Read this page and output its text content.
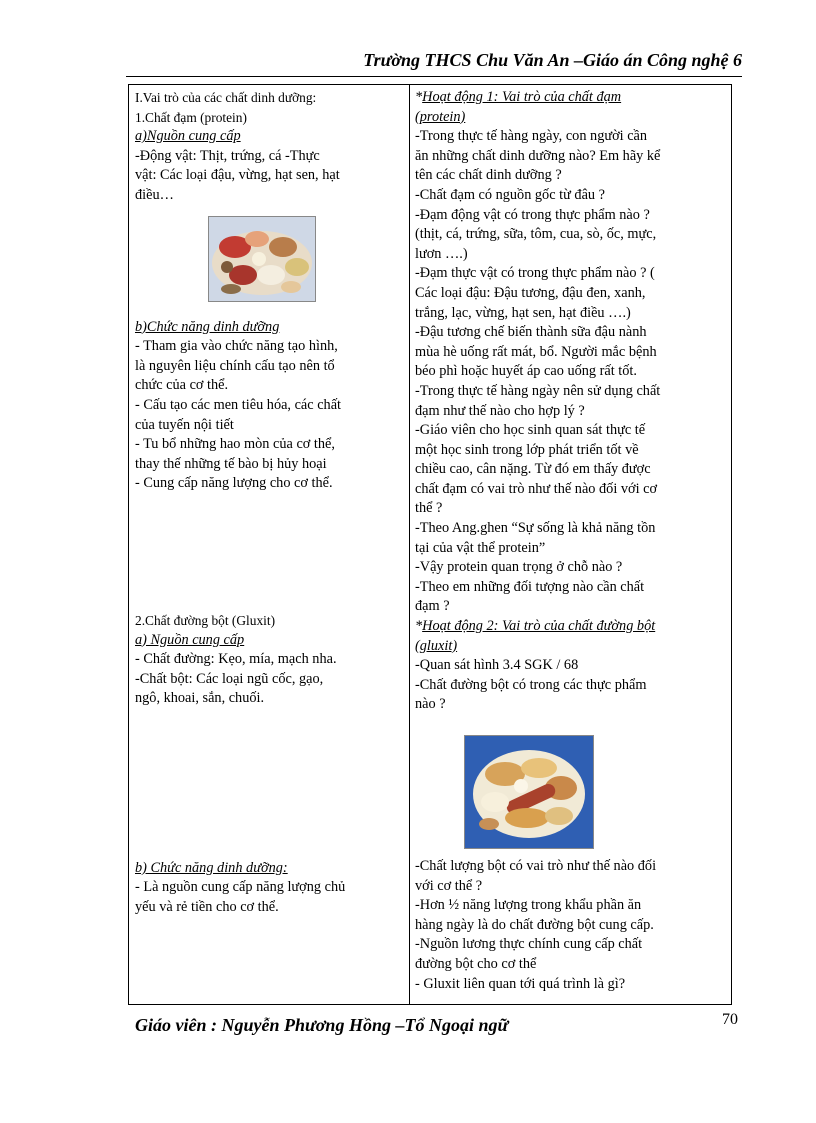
Trường THCS Chu Văn An –Giáo án Công nghệ 6

I.Vai trò của các chất dinh dưỡng:

1.Chất đạm (protein)

a)Nguồn cung cấp

-Động vật: Thịt, trứng, cá -Thực

vật: Các loại đậu, vừng, hạt sen, hạt

điều…

b)Chức năng dinh dưỡng

- Tham gia vào chức năng tạo hình,

là nguyên liệu chính cấu tạo nên tổ

chức của cơ thể.

- Cấu tạo các men tiêu hóa, các chất

của tuyến nội tiết

- Tu bổ những hao mòn của cơ thể,

thay thế những tế bào bị hủy hoại

- Cung cấp năng lượng cho cơ thể.

2.Chất đường bột (Gluxit)

a) Nguồn cung cấp

- Chất đường: Kẹo, mía, mạch nha.

-Chất bột: Các loại ngũ cốc, gạo,

ngô, khoai, sắn, chuối.

b) Chức năng dinh dưỡng:

- Là nguồn cung cấp năng lượng chủ

yếu và rẻ tiền cho cơ thể.

*Hoạt động 1: Vai trò của chất đạm

(protein)

-Trong thực tế hàng ngày, con người cần

ăn những chất dinh dưỡng nào? Em hãy kể

tên các chất dinh dưỡng ?

-Chất đạm có nguồn gốc từ đâu ?

-Đạm động vật có trong thực phẩm nào ?

(thịt, cá, trứng, sữa, tôm, cua, sò, ốc, mực,

lươn ….)

-Đạm thực vật có trong thực phẩm nào ? (

Các loại đậu: Đậu tương, đậu đen, xanh,

trắng, lạc, vừng, hạt sen, hạt điều ….)

-Đậu tương chế biến thành sữa đậu nành

mùa hè uống rất mát, bổ. Người mắc bệnh

béo phì hoặc huyết áp cao uống rất tốt.

-Trong thực tế hàng ngày nên sử dụng chất

đạm như thế nào cho hợp lý ?

-Giáo viên cho học sinh quan sát thực tế

một học sinh trong lớp phát triển tốt về

chiều cao, cân nặng. Từ đó em thấy được

chất đạm có vai trò như thế nào đối với cơ

thể ?

-Theo Ang.ghen “Sự sống là khả năng tồn

tại của vật thể protein”

-Vậy protein quan trọng ở chỗ nào ?

-Theo em những đối tượng nào cần chất

đạm ?

*Hoạt động 2: Vai trò của chất đường bột

(gluxit)

-Quan sát hình 3.4 SGK / 68

-Chất đường bột có trong các thực phẩm

nào ?

-Chất lượng bột có vai trò như thế nào đối

với cơ thể ?

-Hơn ½ năng lượng trong khẩu phần ăn

hàng ngày là do chất đường bột cung cấp.

-Nguồn lương thực chính cung cấp chất

đường bột cho cơ thể

- Gluxit liên quan tới quá trình là gì?

Giáo viên : Nguyễn Phương Hồng –Tổ Ngoại ngữ	70
